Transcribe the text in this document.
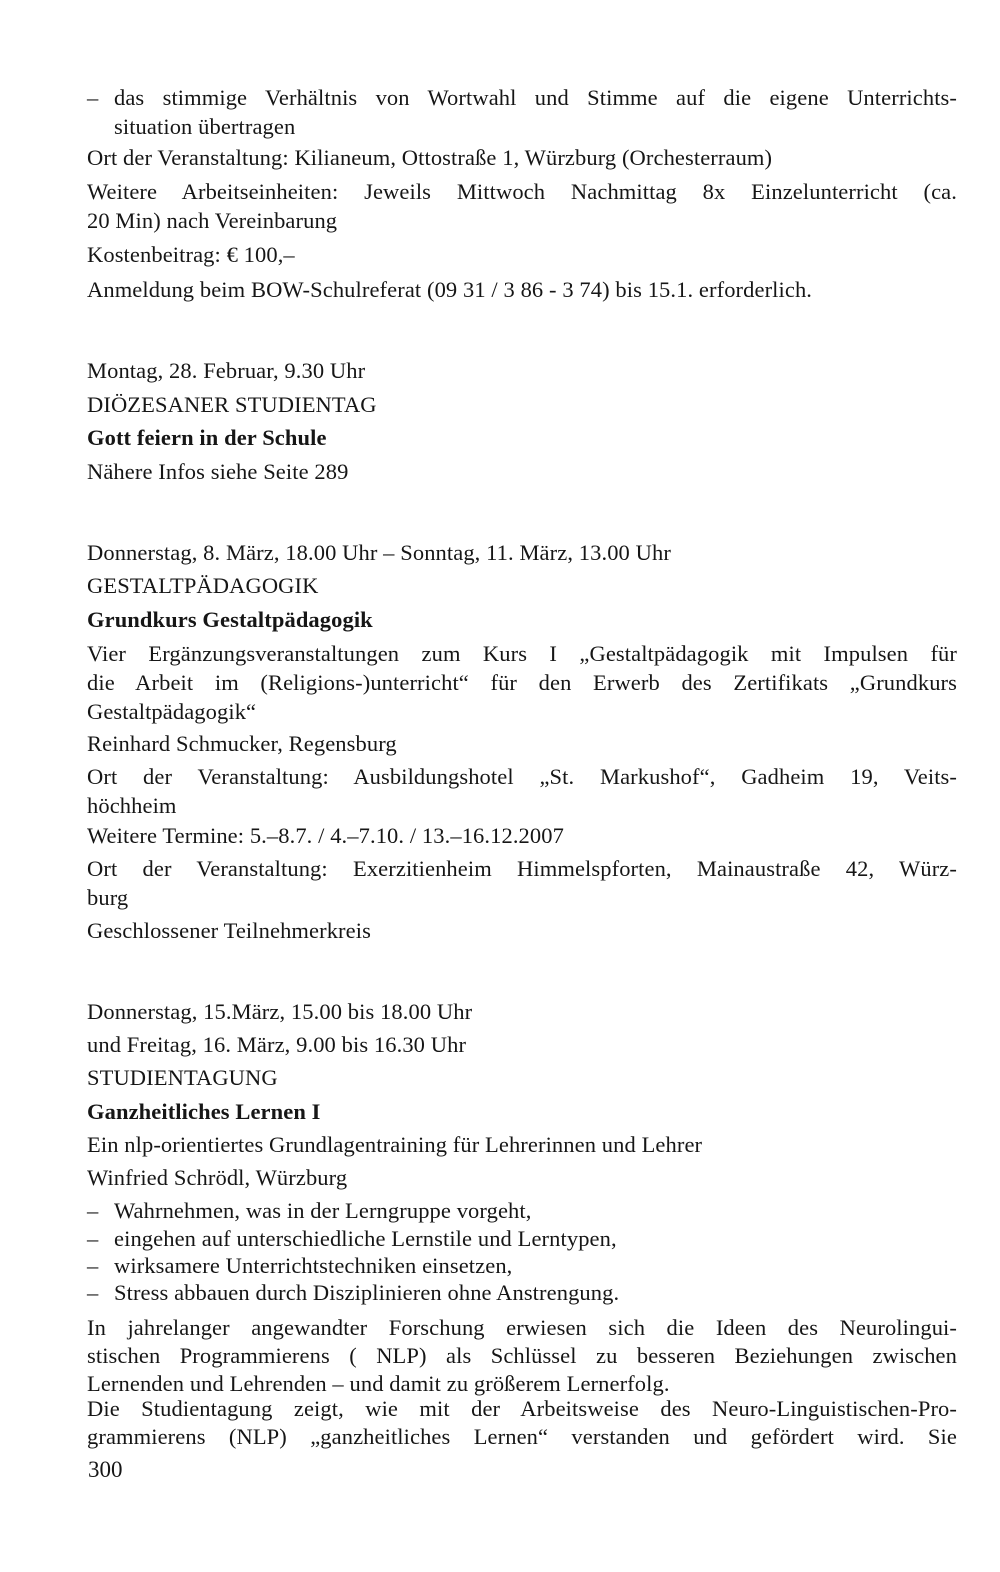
– das stimmige Verhältnis von Wortwahl und Stimme auf die eigene Unterrichts-
situation übertragen
Ort der Veranstaltung: Kilianeum, Ottostraße 1, Würzburg (Orchesterraum)
Weitere Arbeitseinheiten: Jeweils Mittwoch Nachmittag 8x Einzelunterricht (ca.
20 Min) nach Vereinbarung
Kostenbeitrag: € 100,–
Anmeldung beim BOW-Schulreferat (09 31 / 3 86 - 3 74) bis 15.1. erforderlich.
Montag, 28. Februar, 9.30 Uhr
DIÖZESANER STUDIENTAG
Gott feiern in der Schule
Nähere Infos siehe Seite 289
Donnerstag, 8. März, 18.00 Uhr – Sonntag, 11. März, 13.00 Uhr
GESTALTPÄDAGOGIK
Grundkurs Gestaltpädagogik
Vier Ergänzungsveranstaltungen zum Kurs I „Gestaltpädagogik mit Impulsen für
die Arbeit im (Religions-)unterricht“ für den Erwerb des Zertifikats „Grundkurs
Gestaltpädagogik“
Reinhard Schmucker, Regensburg
Ort der Veranstaltung: Ausbildungshotel „St. Markushof“, Gadheim 19, Veits-
höchheim
Weitere Termine: 5.–8.7. / 4.–7.10. / 13.–16.12.2007
Ort der Veranstaltung: Exerzitienheim Himmelspforten, Mainaustraße 42, Würz-
burg
Geschlossener Teilnehmerkreis
Donnerstag, 15.März, 15.00 bis 18.00 Uhr
und Freitag, 16. März, 9.00 bis 16.30 Uhr
STUDIENTAGUNG
Ganzheitliches Lernen I
Ein nlp-orientiertes Grundlagentraining für Lehrerinnen und Lehrer
Winfried Schrödl, Würzburg
– Wahrnehmen, was in der Lerngruppe vorgeht,
– eingehen auf unterschiedliche Lernstile und Lerntypen,
– wirksamere Unterrichtstechniken einsetzen,
– Stress abbauen durch Disziplinieren ohne Anstrengung.
In jahrelanger angewandter Forschung erwiesen sich die Ideen des Neurolingui-
stischen Programmierens ( NLP) als Schlüssel zu besseren Beziehungen zwischen
Lernenden und Lehrenden – und damit zu größerem Lernerfolg.
Die Studientagung zeigt, wie mit der Arbeitsweise des Neuro-Linguistischen-Pro-
grammierens (NLP) „ganzheitliches Lernen“ verstanden und gefördert wird. Sie
300
